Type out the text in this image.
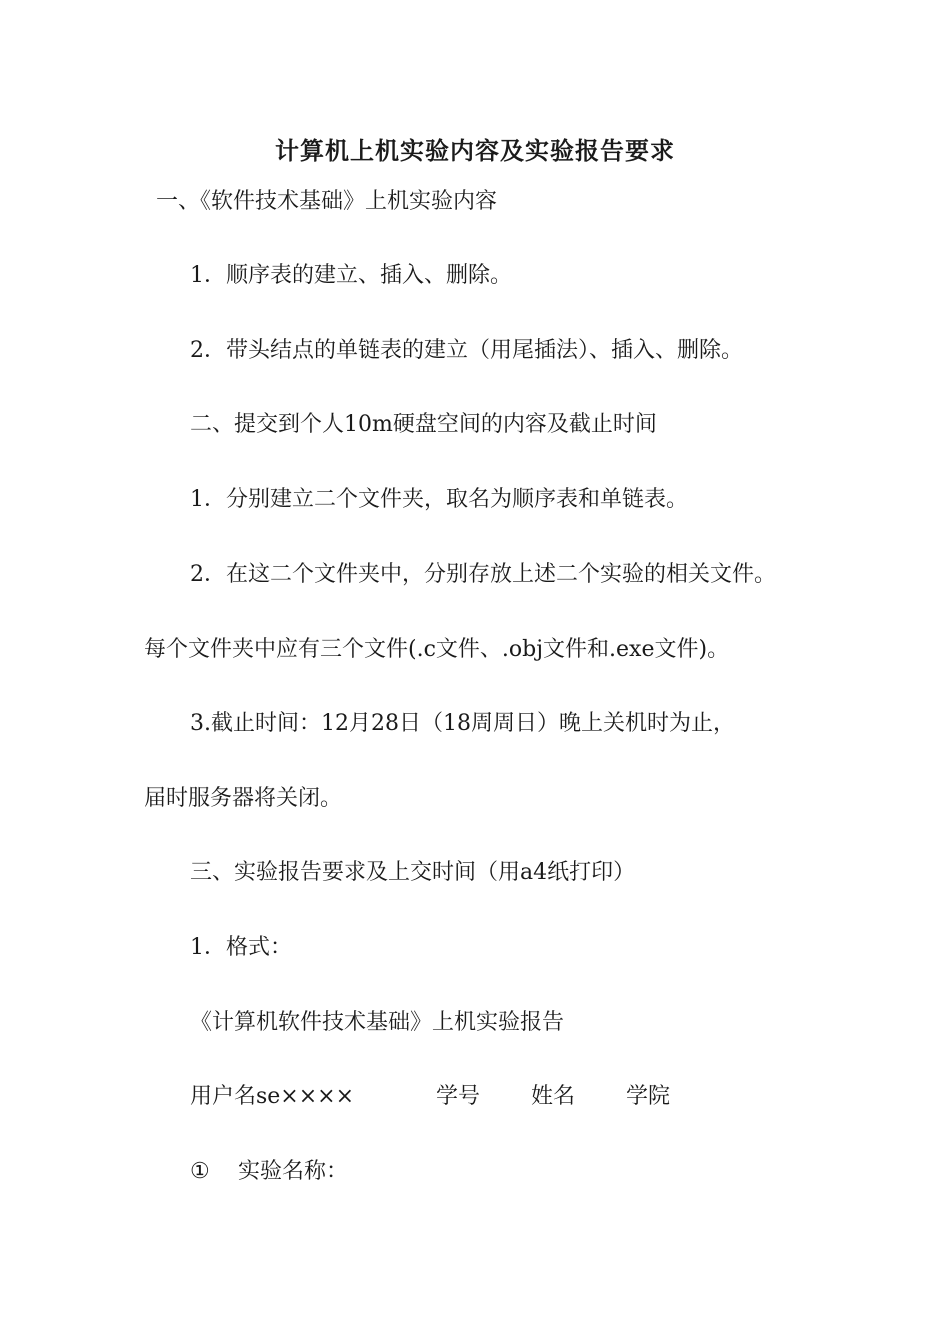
计算机上机实验内容及实验报告要求
一、《软件技术基础》上机实验内容
1．顺序表的建立、插入、删除。
2．带头结点的单链表的建立（用尾插法）、插入、删除。
二、提交到个人10m硬盘空间的内容及截止时间
1．分别建立二个文件夹，取名为顺序表和单链表。
2．在这二个文件夹中，分别存放上述二个实验的相关文件。
每个文件夹中应有三个文件(.c文件、.obj文件和.exe文件)。
3.截止时间：12月28日（18周周日）晚上关机时为止，
届时服务器将关闭。
三、实验报告要求及上交时间（用a4纸打印）
1．格式：
《计算机软件技术基础》上机实验报告
用户名se××××	学号 姓名 学院
① 实验名称：
